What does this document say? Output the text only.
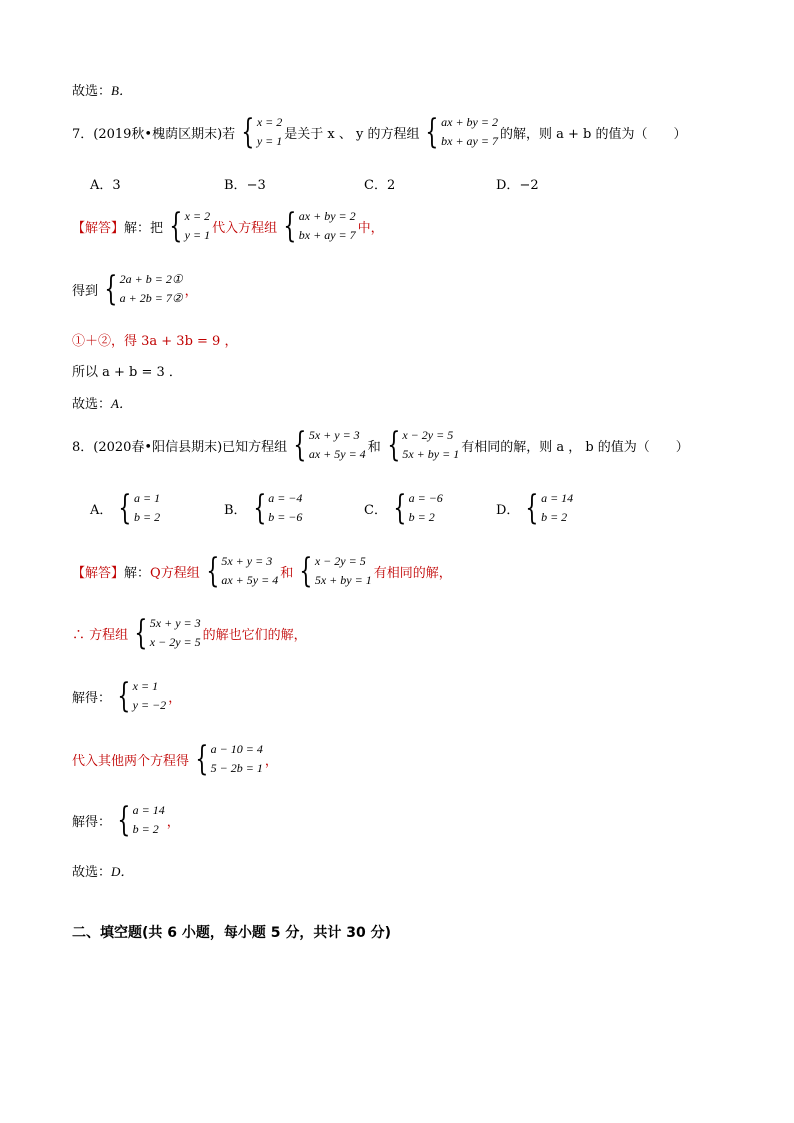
故选： B．
7． (2019秋•槐荫区期末)若 { x = 2
y = 1 是关于 x 、 y 的方程组 { ax + by = 2
bx + ay = 7 的解，则 a + b 的值为（　　）
A．3	B．−3	C．2	D．−2
【解答】 解：把 { x = 2
y = 1 代入方程组 { ax + by = 2
bx + ay = 7 中，
得到 { 2a + b = 2①
a + 2b = 7② ，
①＋②，得 3a + 3b = 9 ，
所以 a + b = 3 ．
故选： A．
8． (2020春•阳信县期末)已知方程组 { 5x + y = 3
ax + 5y = 4 和 { x − 2y = 5
5x + by = 1 有相同的解，则 a ， b 的值为（　　）
A． { a = 1
b = 2	B． { a = −4
b = −6	C． { a = −6
b = 2	D． { a = 14
b = 2
【解答】 解： Q方程组 { 5x + y = 3
ax + 5y = 4 和 { x − 2y = 5
5x + by = 1 有相同的解，
∴ 方程组 { 5x + y = 3
x − 2y = 5 的解也它们的解，
解得： { x = 1
y = −2 ，
代入其他两个方程得 { a − 10 = 4
5 − 2b = 1 ，
解得： { a = 14
b = 2 ，
故选： D．
二、填空题(共 6 小题，每小题 5 分，共计 30 分)
